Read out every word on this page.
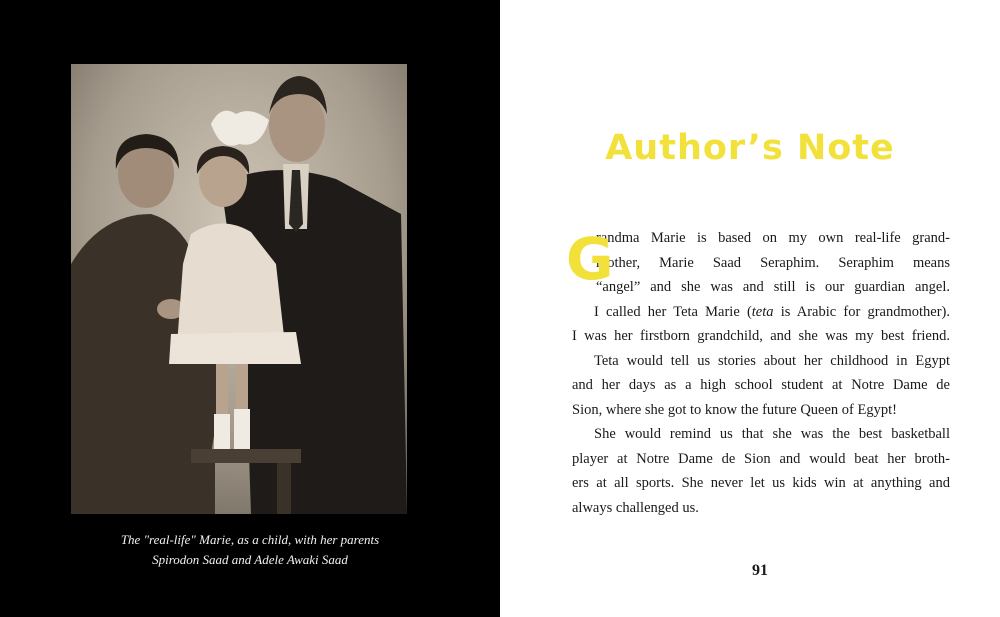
The "real-life" Marie, as a child, with her parents
Spirodon Saad and Adele Awaki Saad
Author’s Note
G
randma Marie is based on my own real-life grand-
mother, Marie Saad Seraphim. Seraphim means
“angel” and she was and still is our guardian angel.
I called her Teta Marie (teta is Arabic for grandmother).
I was her firstborn grandchild, and she was my best friend.
Teta would tell us stories about her childhood in Egypt
and her days as a high school student at Notre Dame de
Sion, where she got to know the future Queen of Egypt!
She would remind us that she was the best basketball
player at Notre Dame de Sion and would beat her broth-
ers at all sports. She never let us kids win at anything and
always challenged us.
91
